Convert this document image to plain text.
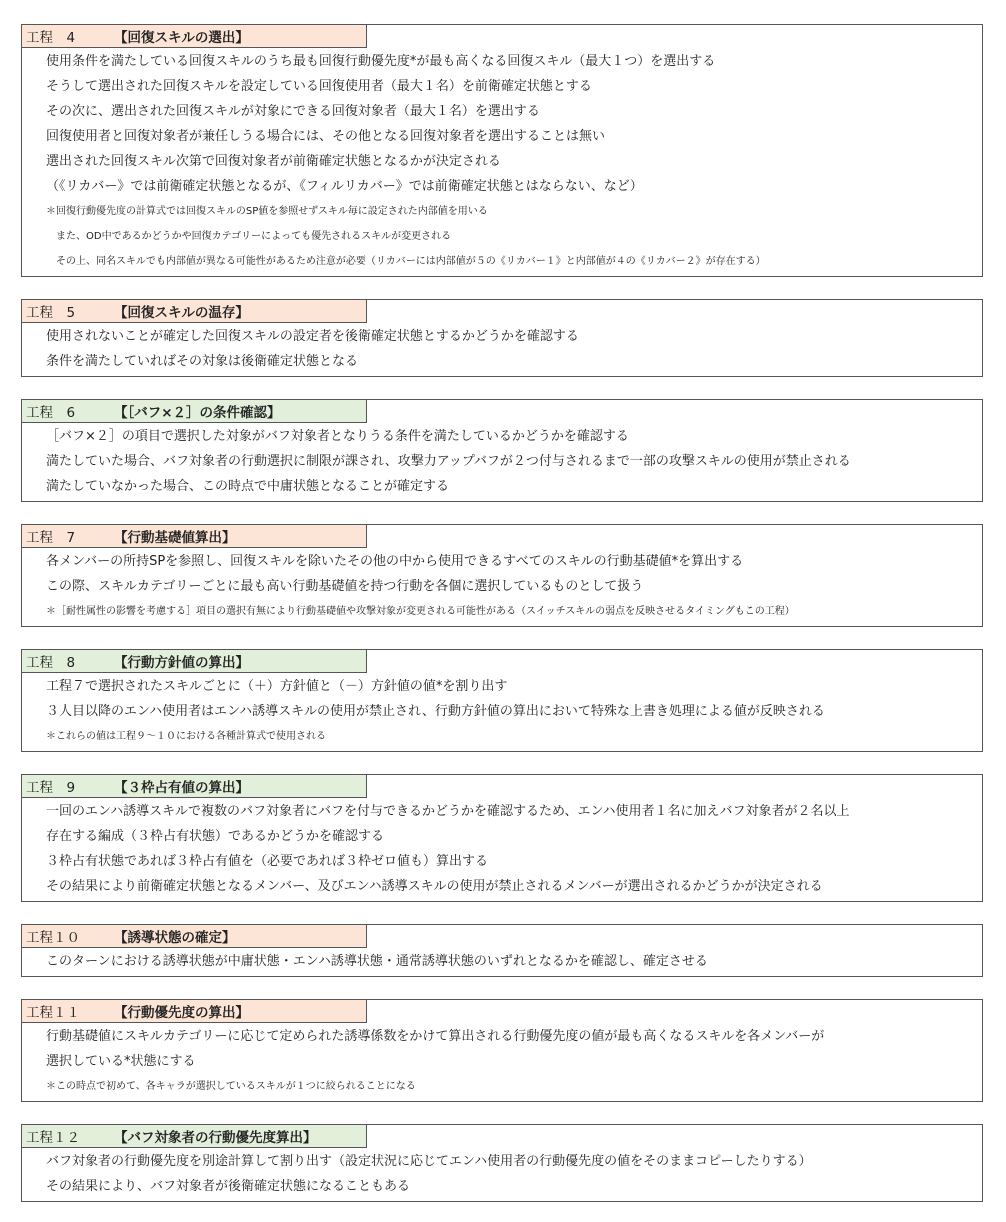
工程　4	【回復スキルの選出】
使用条件を満たしている回復スキルのうち最も回復行動優先度*が最も高くなる回復スキル（最大１つ）を選出する
そうして選出された回復スキルを設定している回復使用者（最大１名）を前衛確定状態とする
その次に、選出された回復スキルが対象にできる回復対象者（最大１名）を選出する
回復使用者と回復対象者が兼任しうる場合には、その他となる回復対象者を選出することは無い
選出された回復スキル次第で回復対象者が前衛確定状態となるかが決定される
（《リカバー》では前衛確定状態となるが、《フィルリカバー》では前衛確定状態とはならない、など）
＊回復行動優先度の計算式では回復スキルのSP値を参照せずスキル毎に設定された内部値を用いる
　また、OD中であるかどうかや回復カテゴリーによっても優先されるスキルが変更される
　その上、同名スキルでも内部値が異なる可能性があるため注意が必要（リカバーには内部値が５の《リカバー１》と内部値が４の《リカバー２》が存在する）
工程　5	【回復スキルの温存】
使用されないことが確定した回復スキルの設定者を後衛確定状態とするかどうかを確認する
条件を満たしていればその対象は後衛確定状態となる
工程　6	【［バフ×２］の条件確認】
［バフ×２］の項目で選択した対象がバフ対象者となりうる条件を満たしているかどうかを確認する
満たしていた場合、バフ対象者の行動選択に制限が課され、攻撃力アップバフが２つ付与されるまで一部の攻撃スキルの使用が禁止される
満たしていなかった場合、この時点で中庸状態となることが確定する
工程　7	【行動基礎値算出】
各メンバーの所持SPを参照し、回復スキルを除いたその他の中から使用できるすべてのスキルの行動基礎値*を算出する
この際、スキルカテゴリーごとに最も高い行動基礎値を持つ行動を各個に選択しているものとして扱う
＊［耐性属性の影響を考慮する］項目の選択有無により行動基礎値や攻撃対象が変更される可能性がある（スイッチスキルの弱点を反映させるタイミングもこの工程）
工程　8	【行動方針値の算出】
工程７で選択されたスキルごとに（＋）方針値と（－）方針値の値*を割り出す
３人目以降のエンハ使用者はエンハ誘導スキルの使用が禁止され、行動方針値の算出において特殊な上書き処理による値が反映される
＊これらの値は工程９～１０における各種計算式で使用される
工程　9	【３枠占有値の算出】
一回のエンハ誘導スキルで複数のバフ対象者にバフを付与できるかどうかを確認するため、エンハ使用者１名に加えバフ対象者が２名以上
存在する編成（３枠占有状態）であるかどうかを確認する
３枠占有状態であれば３枠占有値を（必要であれば３枠ゼロ値も）算出する
その結果により前衛確定状態となるメンバー、及びエンハ誘導スキルの使用が禁止されるメンバーが選出されるかどうかが決定される
工程１０	【誘導状態の確定】
このターンにおける誘導状態が中庸状態・エンハ誘導状態・通常誘導状態のいずれとなるかを確認し、確定させる
工程１１	【行動優先度の算出】
行動基礎値にスキルカテゴリーに応じて定められた誘導係数をかけて算出される行動優先度の値が最も高くなるスキルを各メンバーが
選択している*状態にする
＊この時点で初めて、各キャラが選択しているスキルが１つに絞られることになる
工程１２	【バフ対象者の行動優先度算出】
バフ対象者の行動優先度を別途計算して割り出す（設定状況に応じてエンハ使用者の行動優先度の値をそのままコピーしたりする）
その結果により、バフ対象者が後衛確定状態になることもある
